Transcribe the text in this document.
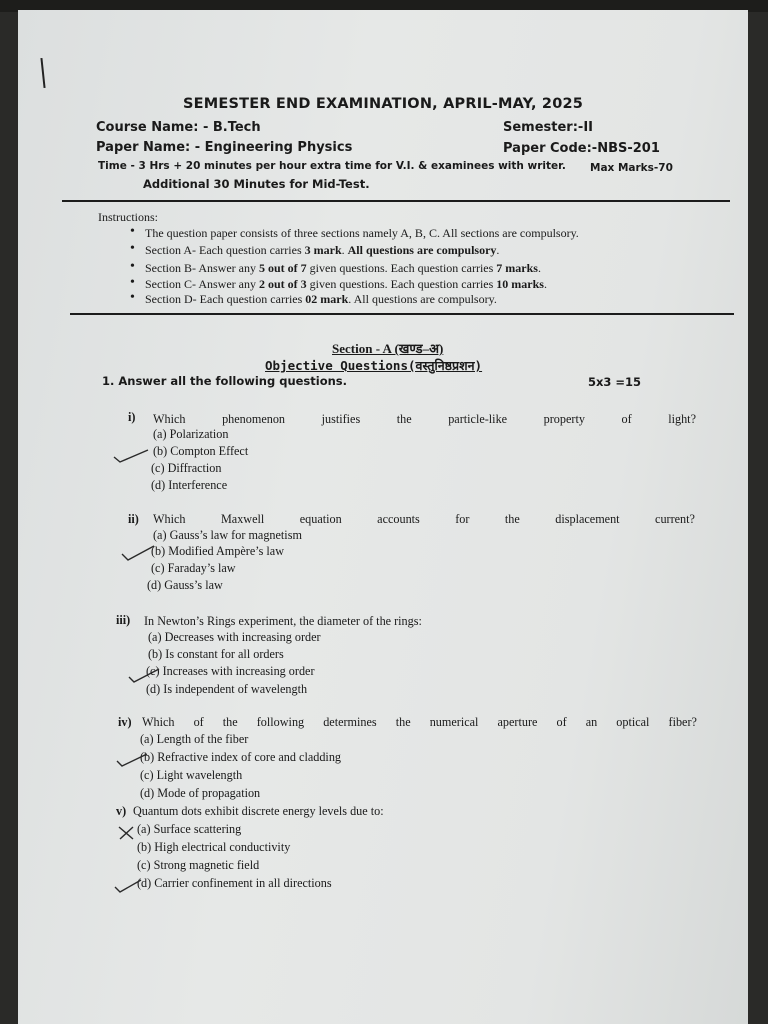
SEMESTER END EXAMINATION, APRIL-MAY, 2025
Course Name: - B.Tech	Semester:-II
Paper Name: - Engineering Physics	Paper Code:-NBS-201
Time - 3 Hrs + 20 minutes per hour extra time for V.I. & examinees with writer. Max Marks-70
Additional 30 Minutes for Mid-Test.
Instructions:
• The question paper consists of three sections namely A, B, C. All sections are compulsory.
• Section A- Each question carries 3 mark. All questions are compulsory.
• Section B- Answer any 5 out of 7 given questions. Each question carries 7 marks.
• Section C- Answer any 2 out of 3 given questions. Each question carries 10 marks.
• Section D- Each question carries 02 mark. All questions are compulsory.
Section - A (खण्ड–अ)
Objective Questions(वस्तुनिष्ठप्रशन)
1. Answer all the following questions.	5x3 =15
i) Which	phenomenon	justifies	the	particle-like	property	of	light?
(a) Polarization
(b) Compton Effect
(c) Diffraction
(d) Interference
ii) Which	Maxwell	equation	accounts	for	the	displacement	current?
(a) Gauss’s law for magnetism
(b) Modified Ampère’s law
(c) Faraday’s law
(d) Gauss’s law
iii) In Newton’s Rings experiment, the diameter of the rings:
(a) Decreases with increasing order
(b) Is constant for all orders
(c) Increases with increasing order
(d) Is independent of wavelength
iv) Which of the following determines the numerical aperture of an optical fiber?
(a) Length of the fiber
(b) Refractive index of core and cladding
(c) Light wavelength
(d) Mode of propagation
v) Quantum dots exhibit discrete energy levels due to:
(a) Surface scattering
(b) High electrical conductivity
(c) Strong magnetic field
(d) Carrier confinement in all directions
